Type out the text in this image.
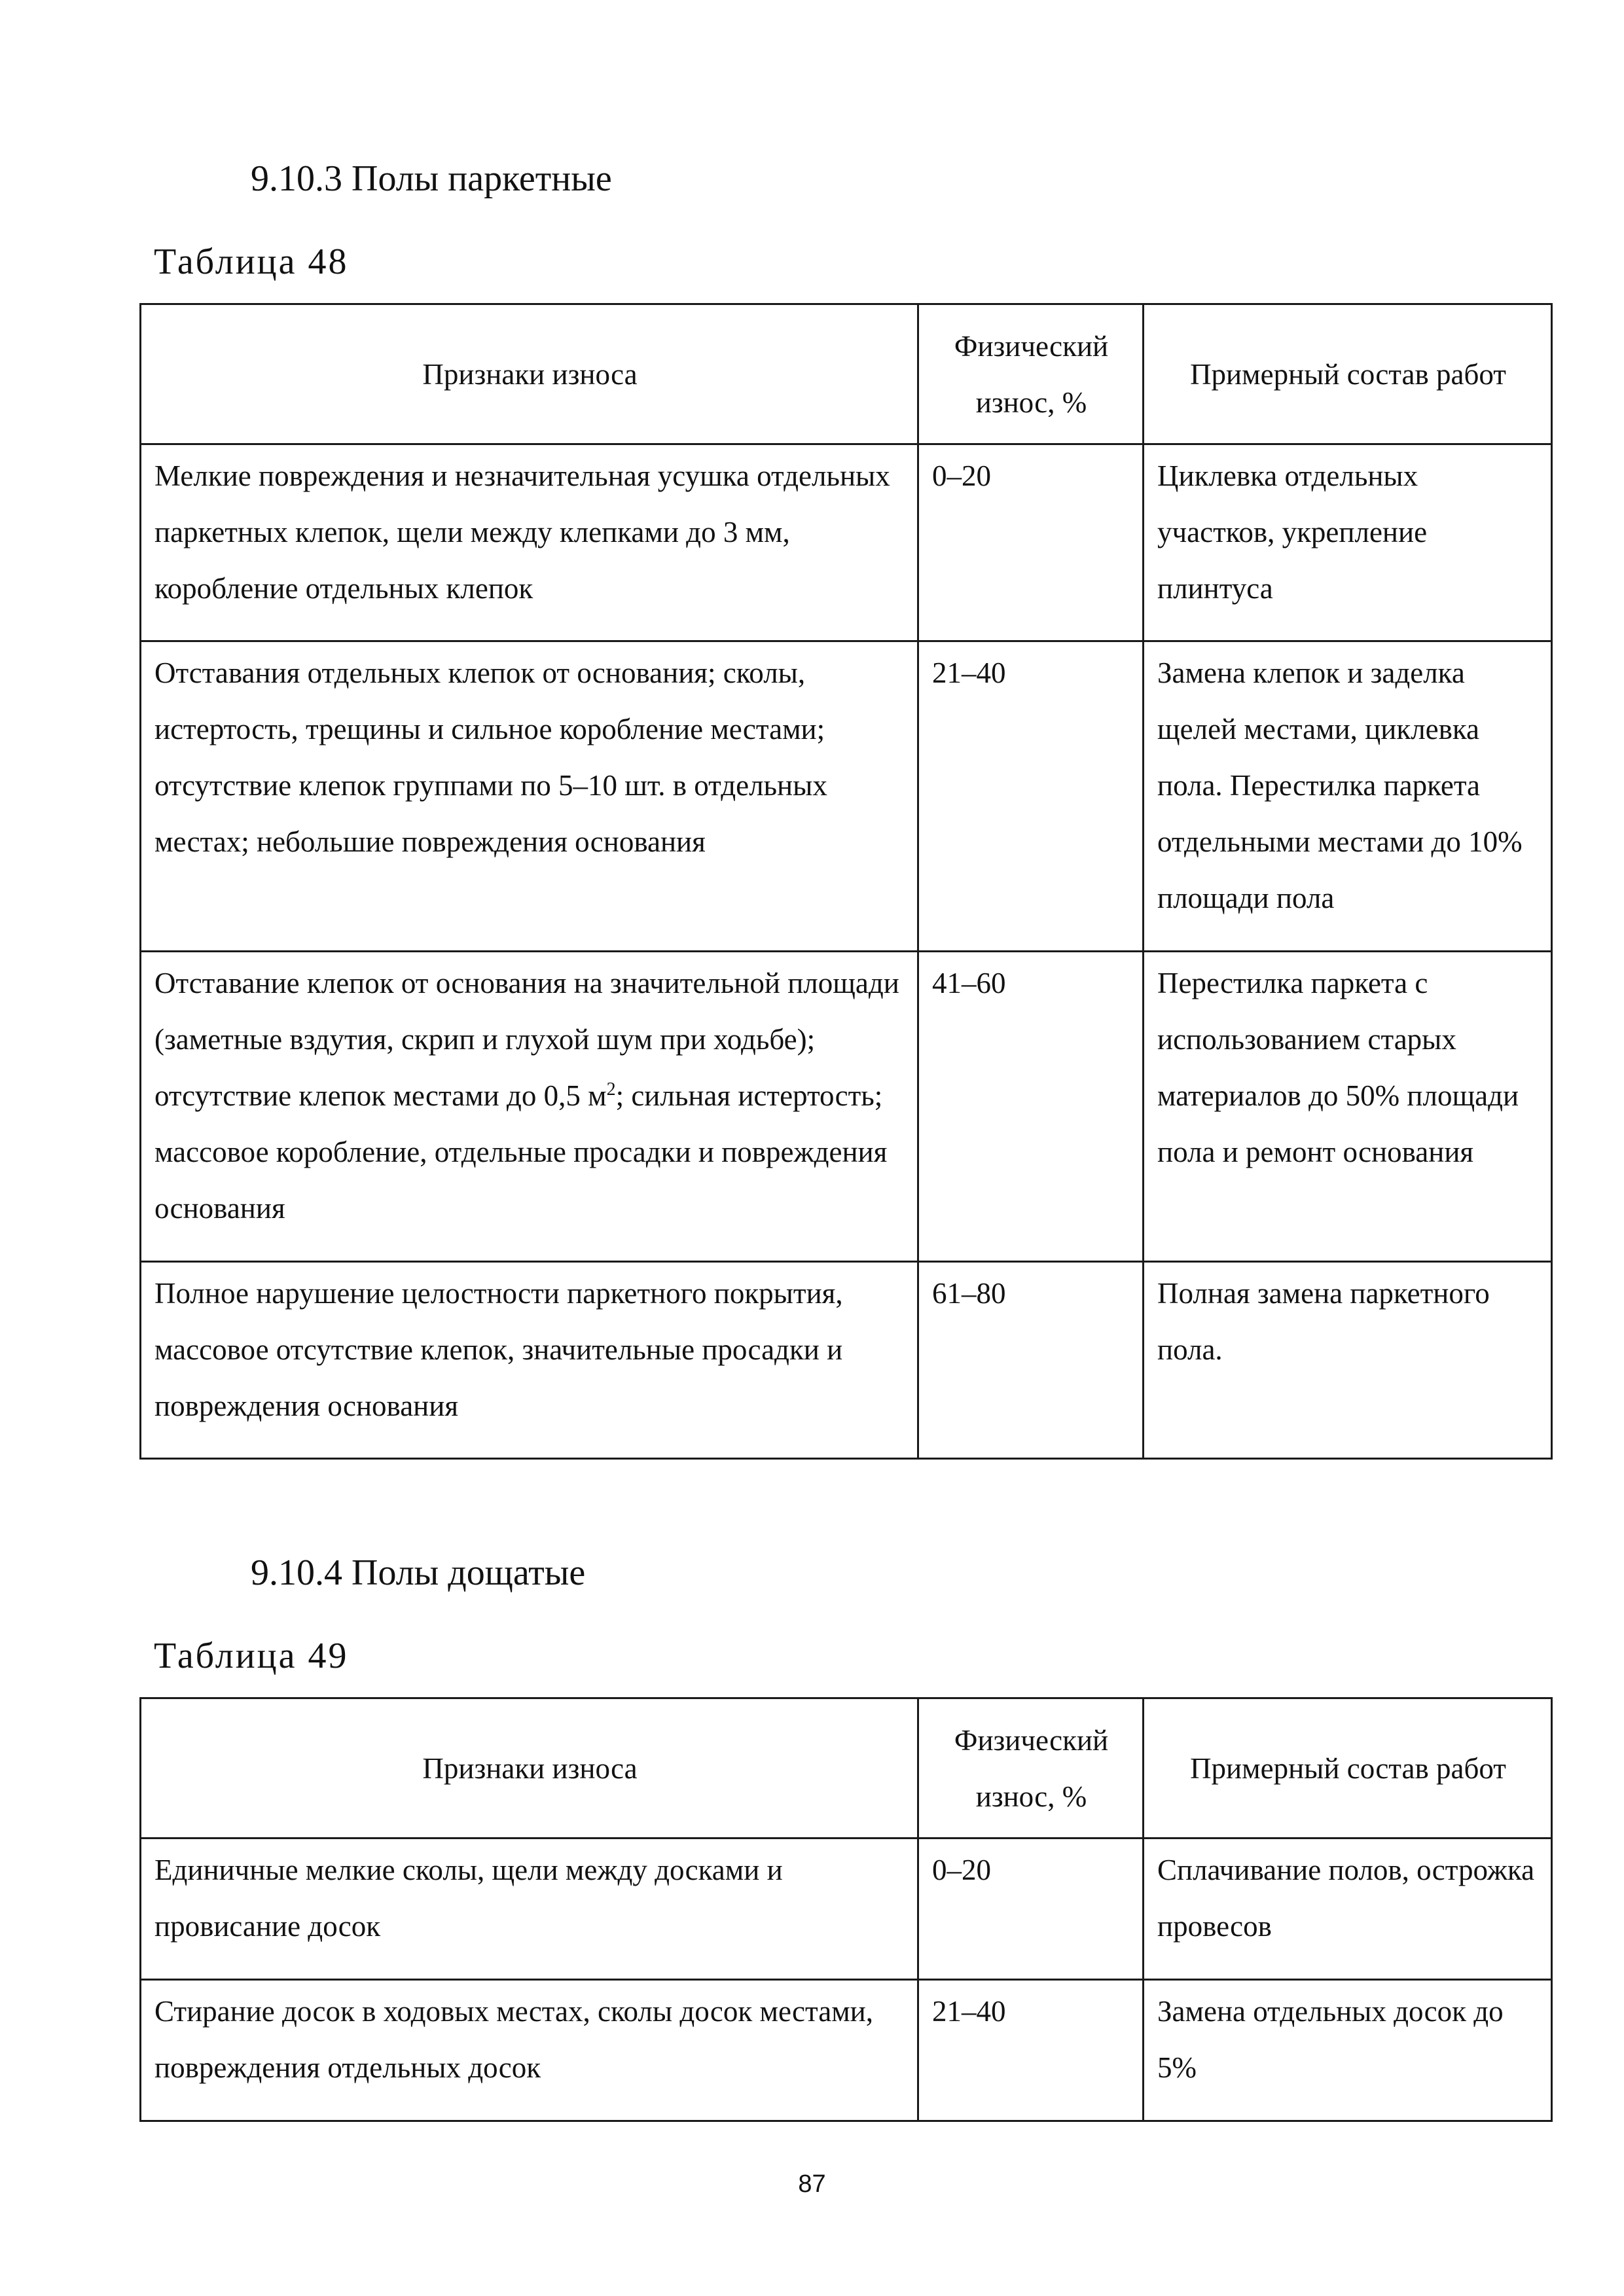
9.10.3 Полы паркетные
Таблица 48
Признаки износа	Физический износ, %	Примерный состав работ
Мелкие повреждения и незначительная усушка отдельных паркетных клепок, щели между клепками до 3 мм, коробление отдельных клепок	0–20	Циклевка отдельных участков, укрепление плинтуса
Отставания отдельных клепок от основания; сколы, истертость, трещины и сильное коробление местами; отсутствие клепок группами по 5–10 шт. в отдельных местах; небольшие повреждения основания	21–40	Замена клепок и заделка щелей местами, циклевка пола. Перестилка паркета отдельными местами до 10% площади пола
Отставание клепок от основания на значительной площади (заметные вздутия, скрип и глухой шум при ходьбе); отсутствие клепок местами до 0,5 $м^2$; сильная истертость; массовое коробление, отдельные просадки и повреждения основания	41–60	Перестилка паркета с использованием старых материалов до 50% площади пола и ремонт основания
Полное нарушение целостности паркетного покрытия, массовое отсутствие клепок, значительные просадки и повреждения основания	61–80	Полная замена паркетного пола.
9.10.4 Полы дощатые
Таблица 49
Признаки износа	Физический износ, %	Примерный состав работ
Единичные мелкие сколы, щели между досками и провисание досок	0–20	Сплачивание полов, острожка провесов
Стирание досок в ходовых местах, сколы досок местами, повреждения отдельных досок	21–40	Замена отдельных досок до 5%
87
